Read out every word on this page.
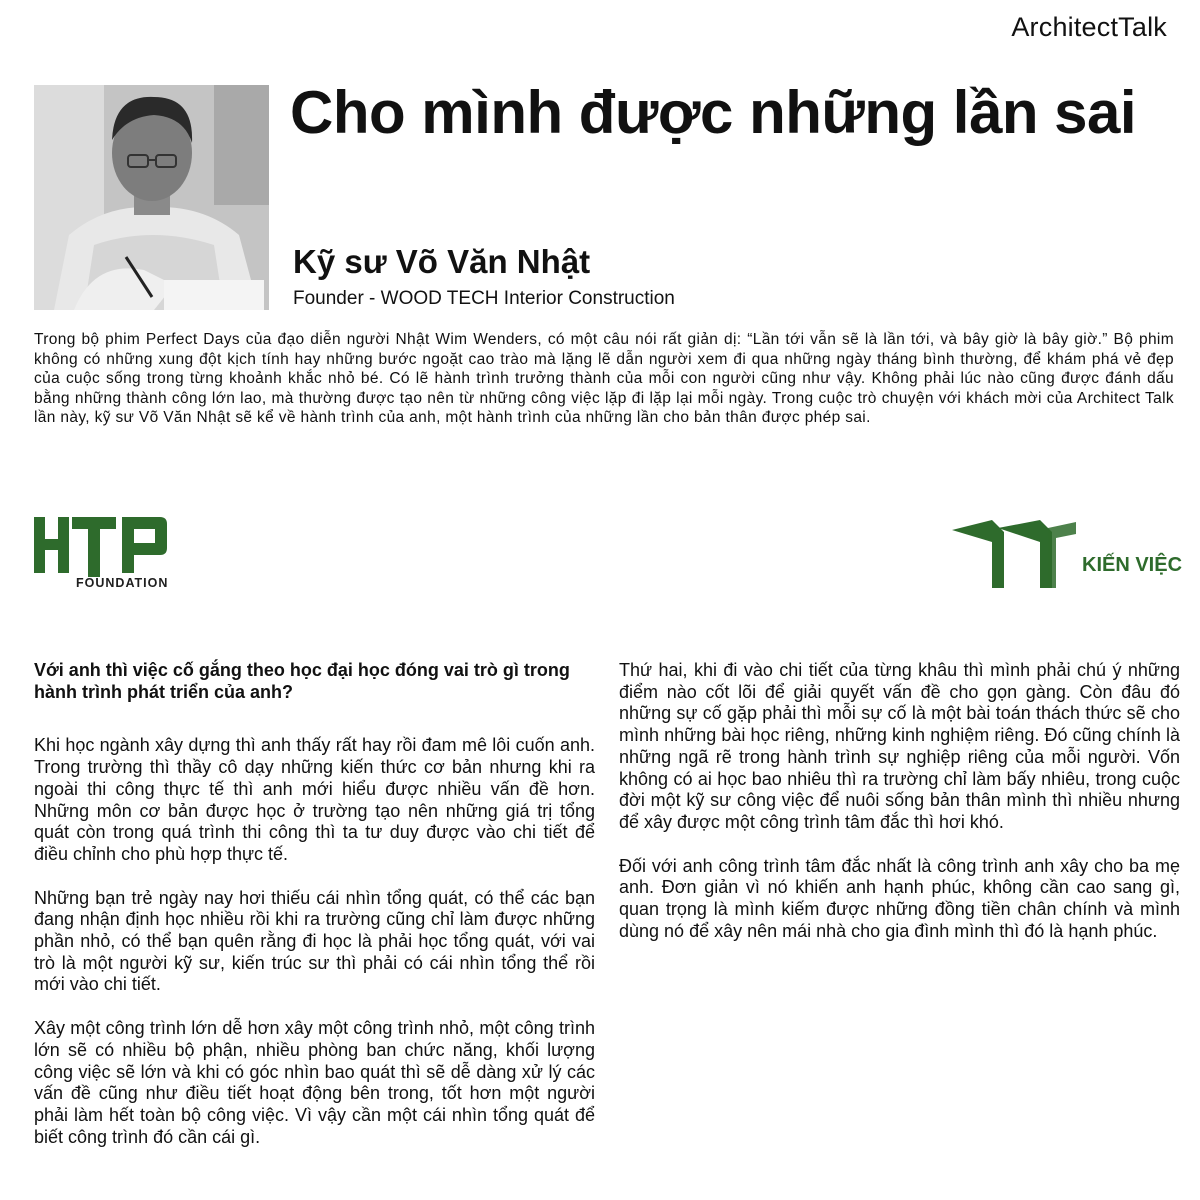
ArchitectTalk
Cho mình được những lần sai
Kỹ sư Võ Văn Nhật
Founder - WOOD TECH Interior Construction
Trong bộ phim Perfect Days của đạo diễn người Nhật Wim Wenders, có một câu nói rất giản dị: “Lần tới vẫn sẽ là lần tới, và bây giờ là bây giờ.” Bộ phim không có những xung đột kịch tính hay những bước ngoặt cao trào mà lặng lẽ dẫn người xem đi qua những ngày tháng bình thường, để khám phá vẻ đẹp của cuộc sống trong từng khoảnh khắc nhỏ bé. Có lẽ hành trình trưởng thành của mỗi con người cũng như vậy. Không phải lúc nào cũng được đánh dấu bằng những thành công lớn lao, mà thường được tạo nên từ những công việc lặp đi lặp lại mỗi ngày. Trong cuộc trò chuyện với khách mời của Architect Talk lần này, kỹ sư Võ Văn Nhật sẽ kể về hành trình của anh, một hành trình của những lần cho bản thân được phép sai.
FOUNDATION
KIẾN VIỆC

Với anh thì việc cố gắng theo học đại học đóng vai trò gì trong hành trình phát triển của anh?

Khi học ngành xây dựng thì anh thấy rất hay rồi đam mê lôi cuốn anh. Trong trường thì thầy cô dạy những kiến thức cơ bản nhưng khi ra ngoài thi công thực tế thì anh mới hiểu được nhiều vấn đề hơn. Những môn cơ bản được học ở trường tạo nên những giá trị tổng quát còn trong quá trình thi công thì ta tư duy được vào chi tiết để điều chỉnh cho phù hợp thực tế.

Những bạn trẻ ngày nay hơi thiếu cái nhìn tổng quát, có thể các bạn đang nhận định học nhiều rồi khi ra trường cũng chỉ làm được những phần nhỏ, có thể bạn quên rằng đi học là phải học tổng quát, với vai trò là một người kỹ sư, kiến trúc sư thì phải có cái nhìn tổng thể rồi mới vào chi tiết.

Xây một công trình lớn dễ hơn xây một công trình nhỏ, một công trình lớn sẽ có nhiều bộ phận, nhiều phòng ban chức năng, khối lượng công việc sẽ lớn và khi có góc nhìn bao quát thì sẽ dễ dàng xử lý các vấn đề cũng như điều tiết hoạt động bên trong, tốt hơn một người phải làm hết toàn bộ công việc. Vì vậy cần một cái nhìn tổng quát để biết công trình đó cần cái gì.

Thứ hai, khi đi vào chi tiết của từng khâu thì mình phải chú ý những điểm nào cốt lõi để giải quyết vấn đề cho gọn gàng. Còn đâu đó những sự cố gặp phải thì mỗi sự cố là một bài toán thách thức sẽ cho mình những bài học riêng, những kinh nghiệm riêng. Đó cũng chính là những ngã rẽ trong hành trình sự nghiệp riêng của mỗi người. Vốn không có ai học bao nhiêu thì ra trường chỉ làm bấy nhiêu, trong cuộc đời một kỹ sư công việc để nuôi sống bản thân mình thì nhiều nhưng để xây được một công trình tâm đắc thì hơi khó.

Đối với anh công trình tâm đắc nhất là công trình anh xây cho ba mẹ anh. Đơn giản vì nó khiến anh hạnh phúc, không cần cao sang gì, quan trọng là mình kiếm được những đồng tiền chân chính và mình dùng nó để xây nên mái nhà cho gia đình mình thì đó là hạnh phúc.
